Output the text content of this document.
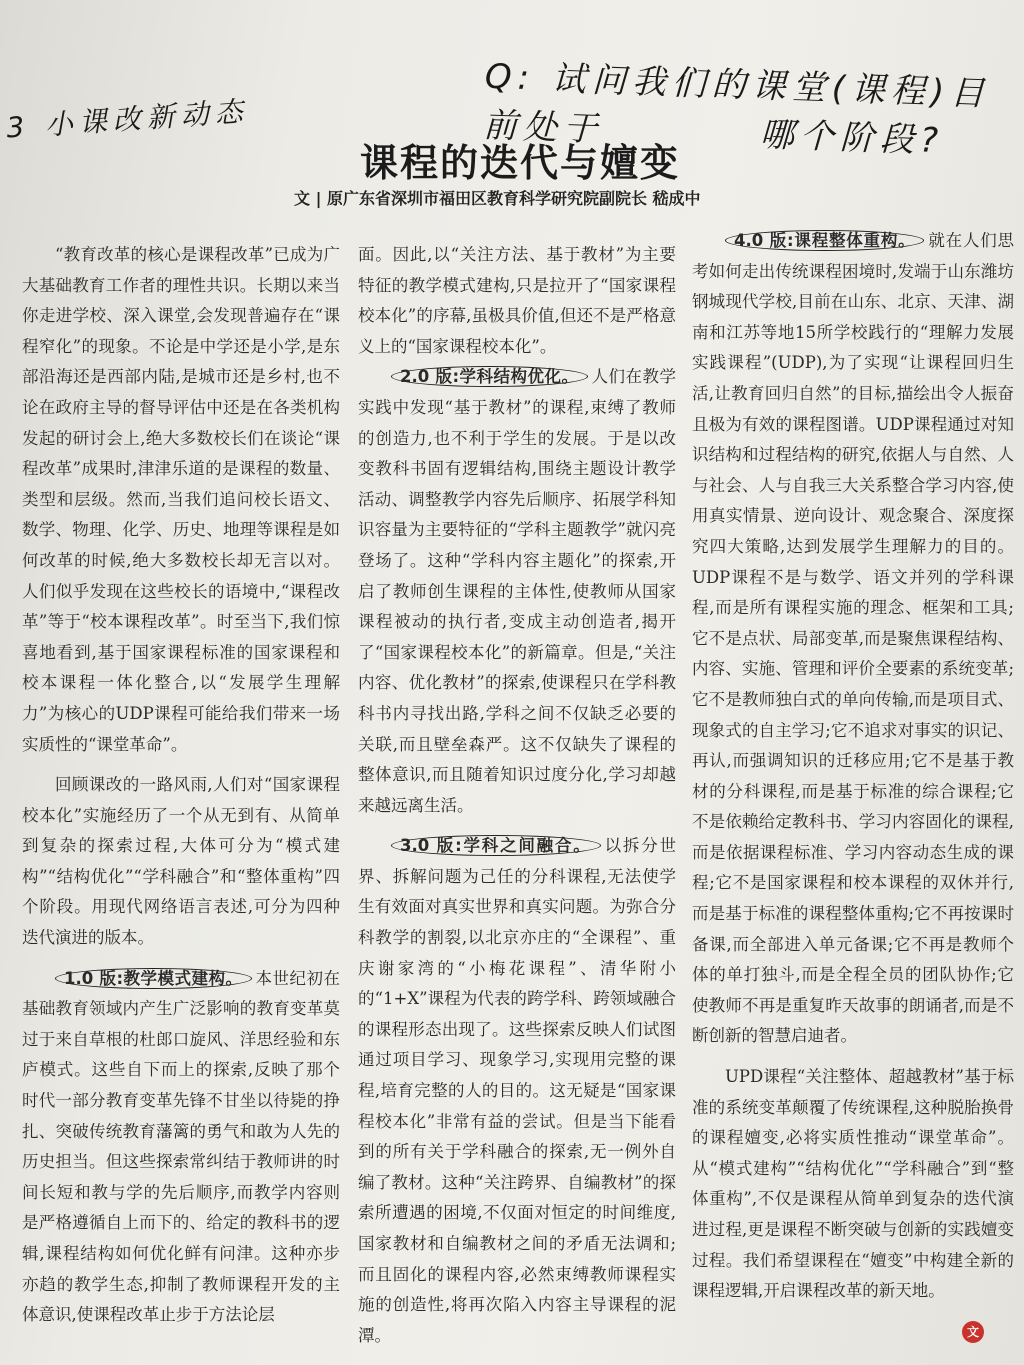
3 小课改新动态
Q: 试问我们的课堂(课程)目前处于	哪个阶段?
课程的迭代与嬗变
文 | 原广东省深圳市福田区教育科学研究院副院长 嵇成中

“教育改革的核心是课程改革”已成为广大基础教育工作者的理性共识。长期以来当你走进学校、深入课堂,会发现普遍存在“课程窄化”的现象。不论是中学还是小学,是东部沿海还是西部内陆,是城市还是乡村,也不论在政府主导的督导评估中还是在各类机构发起的研讨会上,绝大多数校长们在谈论“课程改革”成果时,津津乐道的是课程的数量、类型和层级。然而,当我们追问校长语文、数学、物理、化学、历史、地理等课程是如何改革的时候,绝大多数校长却无言以对。人们似乎发现在这些校长的语境中,“课程改革”等于“校本课程改革”。时至当下,我们惊喜地看到,基于国家课程标准的国家课程和校本课程一体化整合,以“发展学生理解力”为核心的UDP课程可能给我们带来一场实质性的“课堂革命”。

回顾课改的一路风雨,人们对“国家课程校本化”实施经历了一个从无到有、从简单到复杂的探索过程,大体可分为“模式建构”“结构优化”“学科融合”和“整体重构”四个阶段。用现代网络语言表述,可分为四种迭代演进的版本。

1.0 版:教学模式建构。 本世纪初在基础教育领域内产生广泛影响的教育变革莫过于来自草根的杜郎口旋风、洋思经验和东庐模式。这些自下而上的探索,反映了那个时代一部分教育变革先锋不甘坐以待毙的挣扎、突破传统教育藩篱的勇气和敢为人先的历史担当。但这些探索常纠结于教师讲的时间长短和教与学的先后顺序,而教学内容则是严格遵循自上而下的、给定的教科书的逻辑,课程结构如何优化鲜有问津。这种亦步亦趋的教学生态,抑制了教师课程开发的主体意识,使课程改革止步于方法论层

面。因此,以“关注方法、基于教材”为主要特征的教学模式建构,只是拉开了“国家课程校本化”的序幕,虽极具价值,但还不是严格意义上的“国家课程校本化”。

2.0 版:学科结构优化。 人们在教学实践中发现“基于教材”的课程,束缚了教师的创造力,也不利于学生的发展。于是以改变教科书固有逻辑结构,围绕主题设计教学活动、调整教学内容先后顺序、拓展学科知识容量为主要特征的“学科主题教学”就闪亮登场了。这种“学科内容主题化”的探索,开启了教师创生课程的主体性,使教师从国家课程被动的执行者,变成主动创造者,揭开了“国家课程校本化”的新篇章。但是,“关注内容、优化教材”的探索,使课程只在学科教科书内寻找出路,学科之间不仅缺乏必要的关联,而且壁垒森严。这不仅缺失了课程的整体意识,而且随着知识过度分化,学习却越来越远离生活。

3.0 版:学科之间融合。 以拆分世界、拆解问题为己任的分科课程,无法使学生有效面对真实世界和真实问题。为弥合分科教学的割裂,以北京亦庄的“全课程”、重庆谢家湾的“小梅花课程”、清华附小的“1+X”课程为代表的跨学科、跨领域融合的课程形态出现了。这些探索反映人们试图通过项目学习、现象学习,实现用完整的课程,培育完整的人的目的。这无疑是“国家课程校本化”非常有益的尝试。但是当下能看到的所有关于学科融合的探索,无一例外自编了教材。这种“关注跨界、自编教材”的探索所遭遇的困境,不仅面对恒定的时间维度,国家教材和自编教材之间的矛盾无法调和;而且固化的课程内容,必然束缚教师课程实施的创造性,将再次陷入内容主导课程的泥潭。

4.0 版:课程整体重构。 就在人们思考如何走出传统课程困境时,发端于山东潍坊钢城现代学校,目前在山东、北京、天津、湖南和江苏等地15所学校践行的“理解力发展实践课程”(UDP),为了实现“让课程回归生活,让教育回归自然”的目标,描绘出令人振奋且极为有效的课程图谱。UDP课程通过对知识结构和过程结构的研究,依据人与自然、人与社会、人与自我三大关系整合学习内容,使用真实情景、逆向设计、观念聚合、深度探究四大策略,达到发展学生理解力的目的。UDP课程不是与数学、语文并列的学科课程,而是所有课程实施的理念、框架和工具;它不是点状、局部变革,而是聚焦课程结构、内容、实施、管理和评价全要素的系统变革;它不是教师独白式的单向传输,而是项目式、现象式的自主学习;它不追求对事实的识记、再认,而强调知识的迁移应用;它不是基于教材的分科课程,而是基于标准的综合课程;它不是依赖给定教科书、学习内容固化的课程,而是依据课程标准、学习内容动态生成的课程;它不是国家课程和校本课程的双休并行,而是基于标准的课程整体重构;它不再按课时备课,而全部进入单元备课;它不再是教师个体的单打独斗,而是全程全员的团队协作;它使教师不再是重复昨天故事的朗诵者,而是不断创新的智慧启迪者。

UPD课程“关注整体、超越教材”基于标准的系统变革颠覆了传统课程,这种脱胎换骨的课程嬗变,必将实质性推动“课堂革命”。从“模式建构”“结构优化”“学科融合”到“整体重构”,不仅是课程从简单到复杂的迭代演进过程,更是课程不断突破与创新的实践嬗变过程。我们希望课程在“嬗变”中构建全新的课程逻辑,开启课程改革的新天地。

文
